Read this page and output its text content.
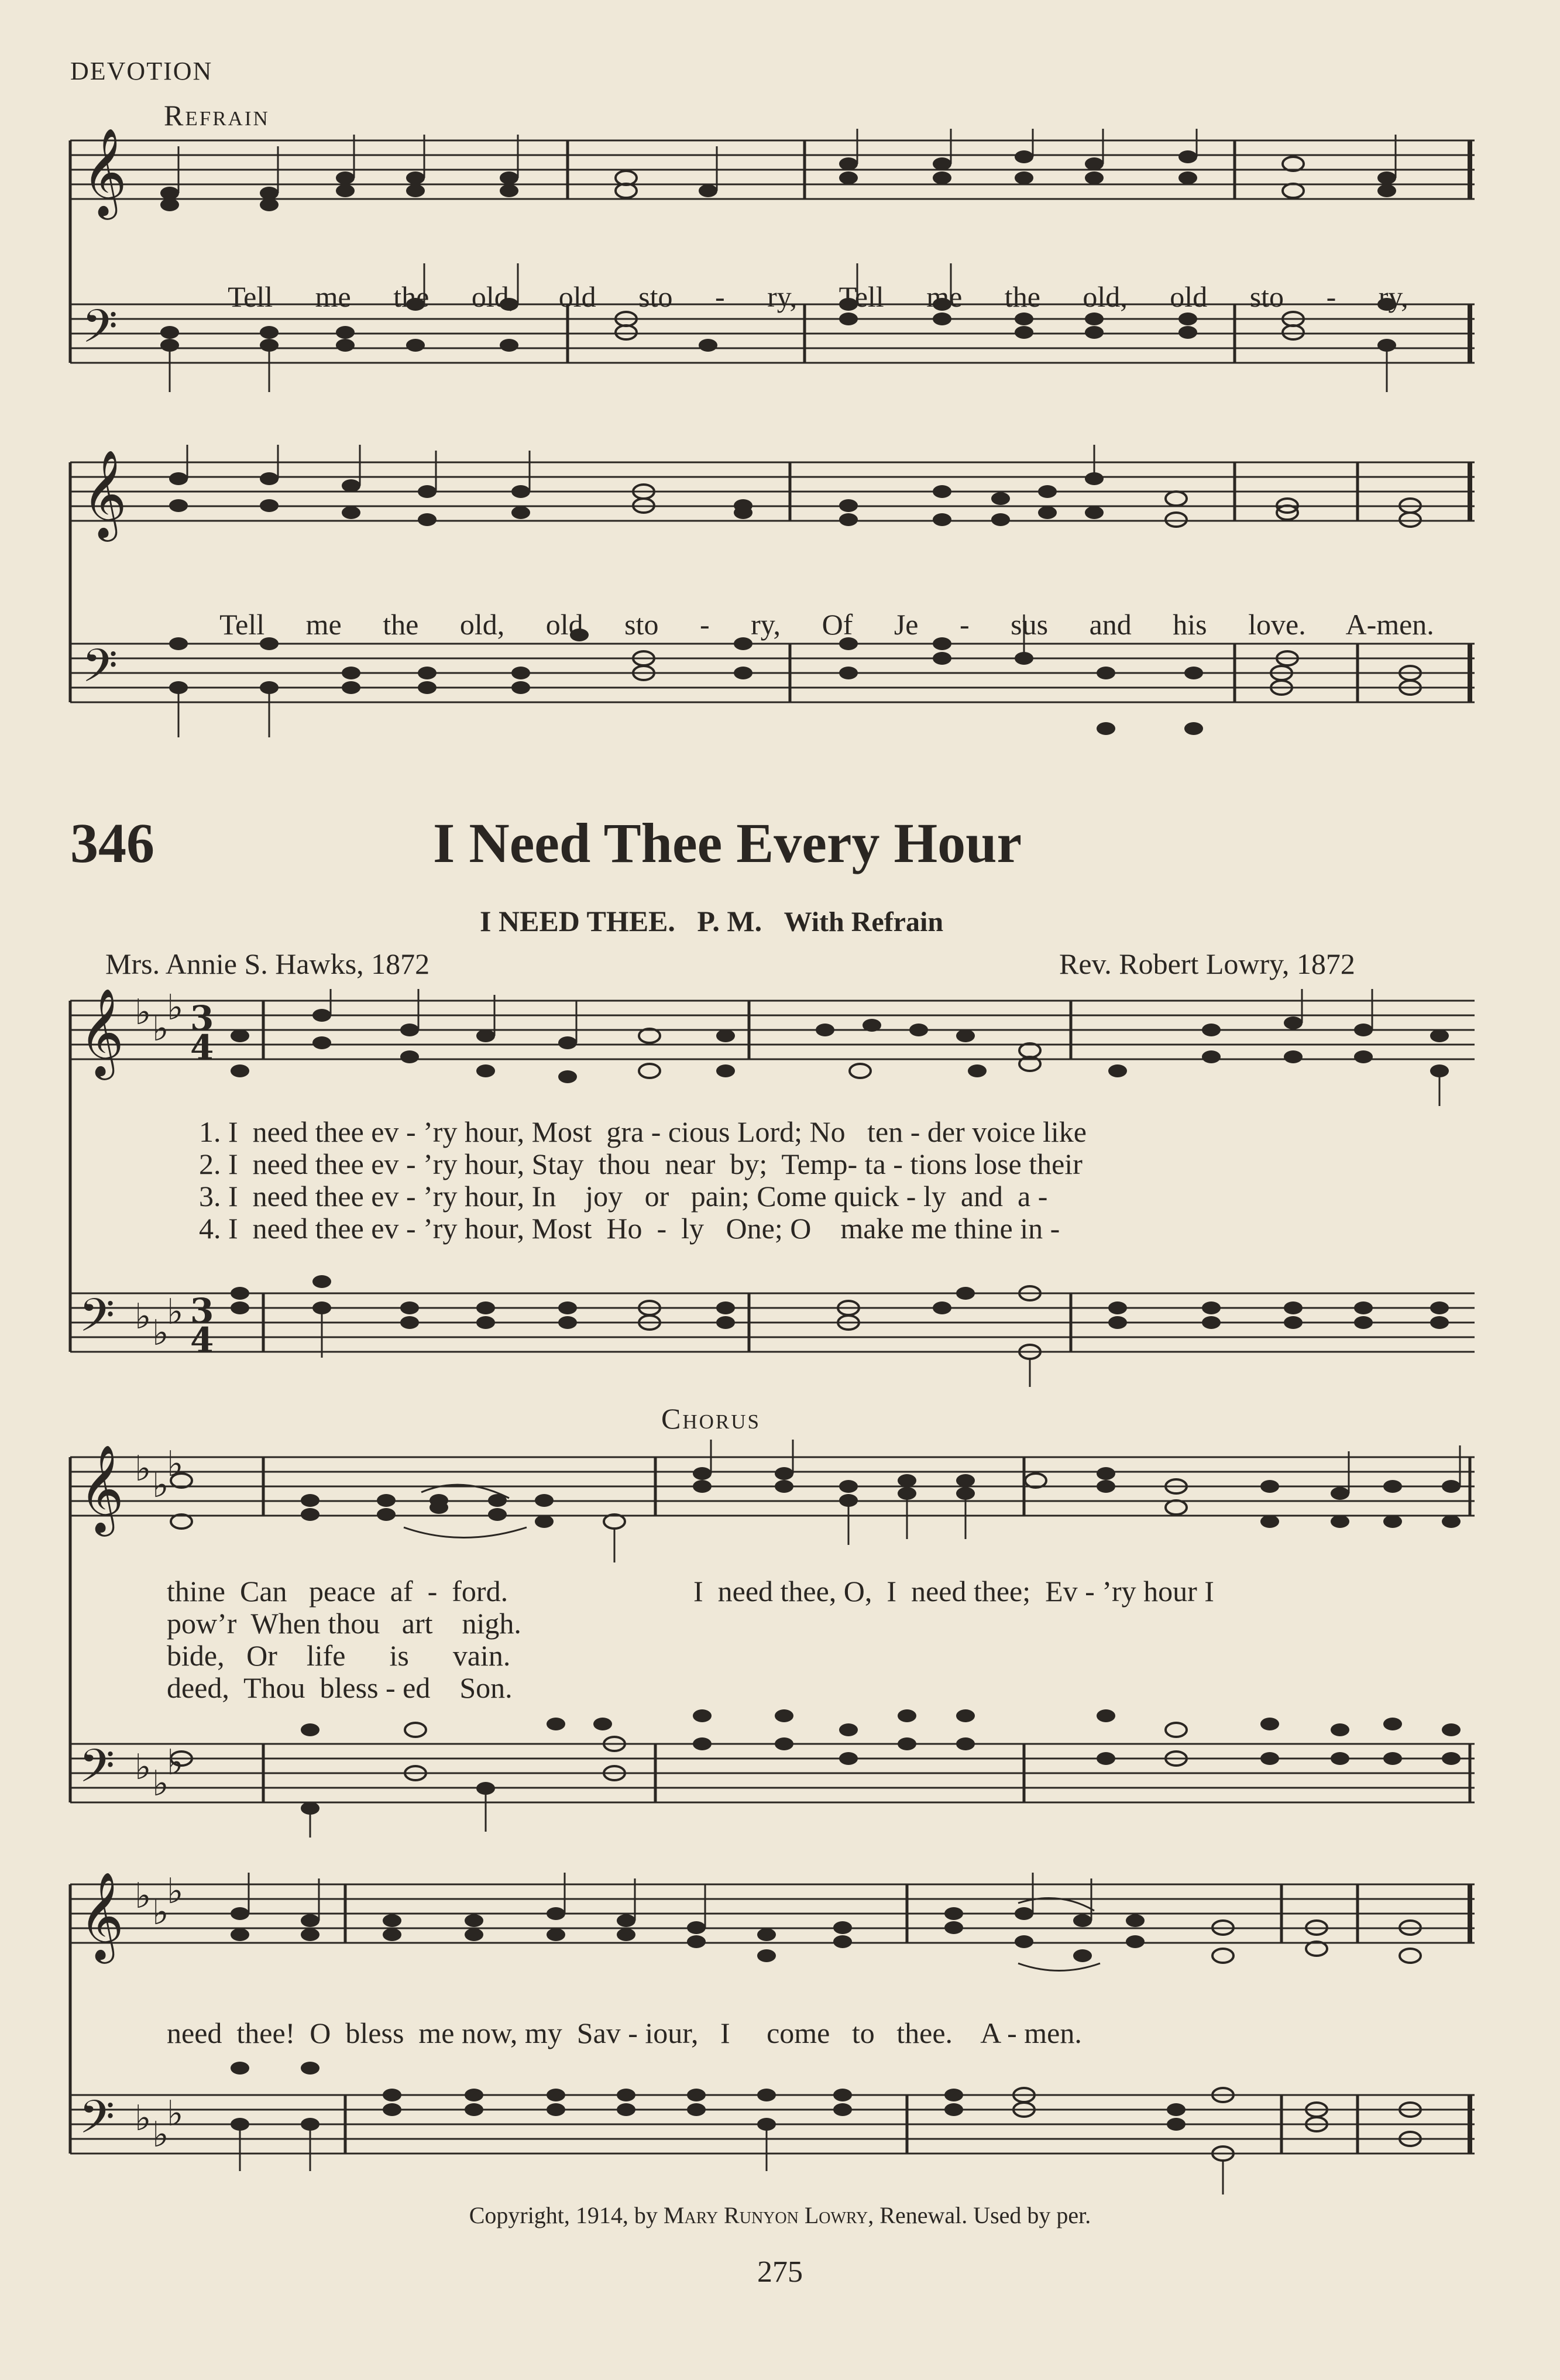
DEVOTION
Refrain
𝄞
𝄢

Tell me the old, old sto - ry, Tell me the old, old sto - ry,

𝄞
𝄢

Tell me the old, old sto - ry, Of Je - sus and his love. A-men.

346	I Need Thee Every Hour
I NEED THEE. P. M. With Refrain
Mrs. Annie S. Hawks, 1872	Rev. Robert Lowry, 1872
𝄞
𝄢
♭ ♭
♭
♭ ♭
♭
3
4
3
4
1. I  need thee ev - ’ry hour, Most  gra - cious Lord; No   ten - der voice like
2. I  need thee ev - ’ry hour, Stay  thou  near  by;  Temp- ta - tions lose their
3. I  need thee ev - ’ry hour, In    joy   or   pain; Come quick - ly  and  a -
4. I  need thee ev - ’ry hour, Most  Ho  -  ly   One; O    make me thine in -
Chorus
𝄞
𝄢
♭ ♭
♭
♭ ♭
♭
thine  Can   peace  af  -  ford.	I  need thee, O,  I  need thee;  Ev - ’ry hour I
pow’r  When thou   art    nigh.
bide,   Or    life      is      vain.
deed,  Thou  bless - ed    Son.
𝄞
𝄢
♭ ♭
♭
♭ ♭
♭
need  thee!  O  bless  me now, my  Sav - iour,   I     come   to   thee.    A - men.
Copyright, 1914, by Mary Runyon Lowry, Renewal. Used by per.
275
